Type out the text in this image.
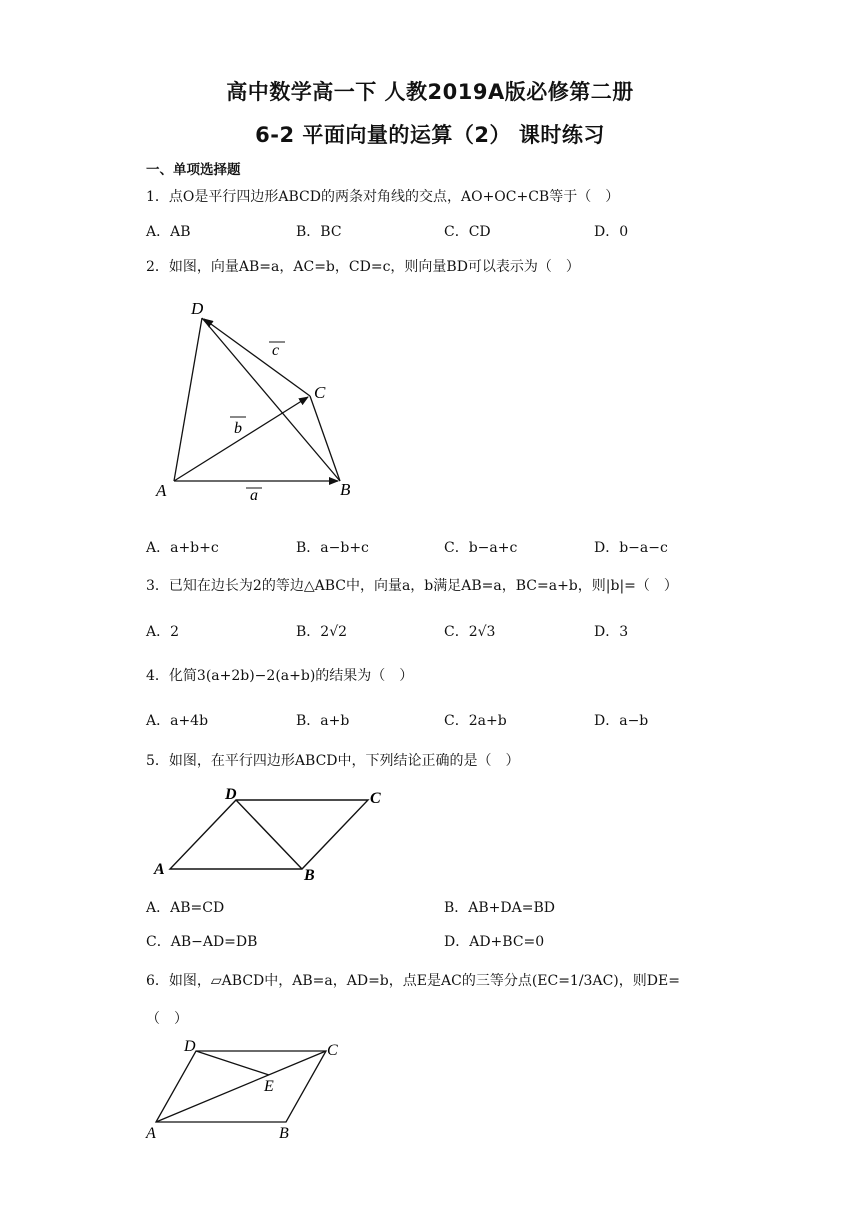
高中数学高一下 人教2019A版必修第二册
6-2 平面向量的运算（2） 课时练习
一、单项选择题
1．点O是平行四边形ABCD的两条对角线的交点，AO+OC+CB等于（　）
A．AB	B．BC	C．CD	D．0
2．如图，向量AB=a，AC=b，CD=c，则向量BD可以表示为（　）
D
C
A	B
c
b
a
A．a+b+c	B．a−b+c	C．b−a+c	D．b−a−c
3．已知在边长为2的等边△ABC中，向量a，b满足AB=a，BC=a+b，则|b|=（　）
A．2	B．2√2	C．2√3	D．3
4．化简3(a+2b)−2(a+b)的结果为（　）
A．a+4b	B．a+b	C．2a+b	D．a−b
5．如图，在平行四边形ABCD中，下列结论正确的是（　）
D	C
A	B
A．AB=CD	B．AB+DA=BD
C．AB−AD=DB	D．AD+BC=0
6．如图，▱ABCD中，AB=a，AD=b，点E是AC的三等分点(EC=1/3AC)，则DE=
（　）
D	C
E
A	B
